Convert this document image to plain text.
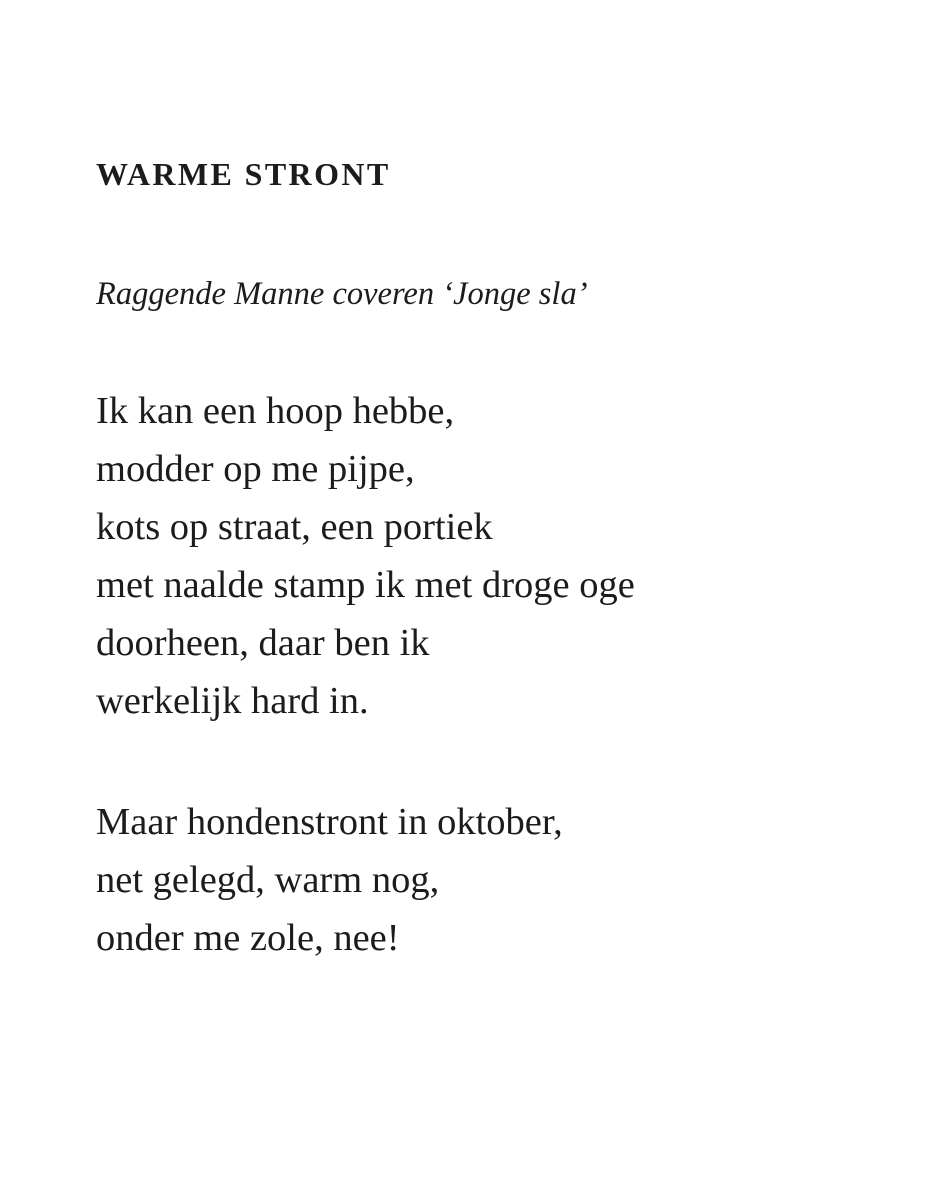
WARME STRONT

Raggende Manne coveren ‘Jonge sla’

Ik kan een hoop hebbe,
modder op me pijpe,
kots op straat, een portiek
met naalde stamp ik met droge oge
doorheen, daar ben ik
werkelijk hard in.
Maar hondenstront in oktober,
net gelegd, warm nog,
onder me zole, nee!
